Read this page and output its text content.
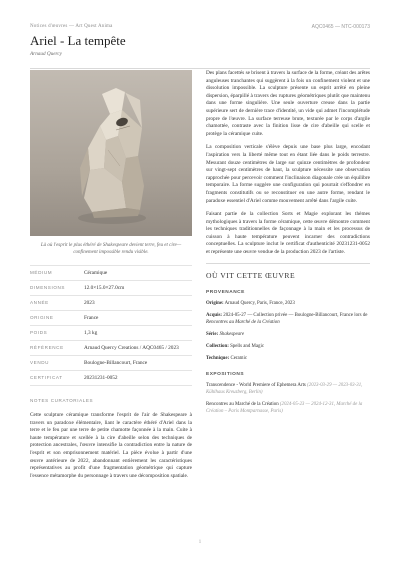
Notices d'œuvres — Art Quest Anima	AQC0465 — NTC-000173
Ariel - La tempête
Arnaud Quercy
Là où l'esprit le plus éthéré de Shakespeare devient terre, feu et cire— confinement impossible rendu visible.
MÉDIUM	Céramique
DIMENSIONS	12.0×15.0×27.0cm
ANNÉE	2023
ORIGINE	France
POIDS	1,3 kg
RÉFÉRENCE	Arnaud Quercy Creations / AQC0465 / 2023
VENDU	Boulogne-Billancourt, France
CERTIFICAT	20231231-0052
NOTES CURATORIALES
Cette sculpture céramique transforme l'esprit de l'air de Shakespeare à travers un paradoxe élémentaire, liant le caractère éthéré d'Ariel dans la terre et le feu par une terre de petite chamotte façonnée à la main. Cuite à haute température et scellée à la cire d'abeille selon des techniques de protection ancestrales, l'œuvre intensifie la contradiction entre la nature de l'esprit et son emprisonnement matériel. La pièce évolue à partir d'une œuvre antérieure de 2022, abandonnant entièrement les caractéristiques représentatives au profit d'une fragmentation géométrique qui capture l'essence métamorphe du personnage à travers une décomposition spatiale.

Des plans facettés se brisent à travers la surface de la forme, créant des arêtes anguleuses tranchantes qui suggèrent à la fois un confinement violent et une dissolution impossible. La sculpture présente un esprit arrêté en pleine dispersion, éparpillé à travers des ruptures géométriques plutôt que maintenu dans une forme singulière. Une seule ouverture creuse dans la partie supérieure sert de dernière trace d'identité, un vide qui admet l'incomplétude propre de l'œuvre. La surface terreuse brute, texturée par le corps d'argile chamottée, contraste avec la finition lisse de cire d'abeille qui scelle et protège la céramique cuite.

La composition verticale s'élève depuis une base plus large, encodant l'aspiration vers la liberté même tout en étant liée dans le poids terrestre. Mesurant douze centimètres de large sur quinze centimètres de profondeur sur vingt-sept centimètres de haut, la sculpture nécessite une observation rapprochée pour percevoir comment l'inclinaison diagonale crée un équilibre temporaire. La forme suggère une configuration qui pourrait s'effondrer en fragments constitutifs ou se reconstituer en une autre forme, rendant le paradoxe essentiel d'Ariel comme mouvement arrêté dans l'argile cuite.

Faisant partie de la collection Sorts et Magie explorant les thèmes mythologiques à travers la forme céramique, cette œuvre démontre comment les techniques traditionnelles de façonnage à la main et les processus de cuisson à haute température peuvent incarner des contradictions conceptuelles. La sculpture inclut le certificat d'authenticité 20231231-0052 et représente une œuvre vendue de la production 2023 de l'artiste.

OÙ VIT CETTE ŒUVRE
PROVENANCE
Origine: Arnaud Quercy, Paris, France, 2023
Acquis: 2024-05-27 — Collection privée — Boulogne-Billancourt, France lors de Rencontres au Marché de la Création
Série: Shakespeare
Collection: Spells and Magic
Technique: Ceramic
EXPOSITIONS
Transcendence - World Premiere of Ephemera Arts (2023-03-29 — 2023-03-31, Kühlhaus Kreuzberg, Berlin)
Rencontres au Marché de la Création (2024-05-23 — 2024-12-31, Marché de la Création – Paris Montparnasse, Paris)
1
